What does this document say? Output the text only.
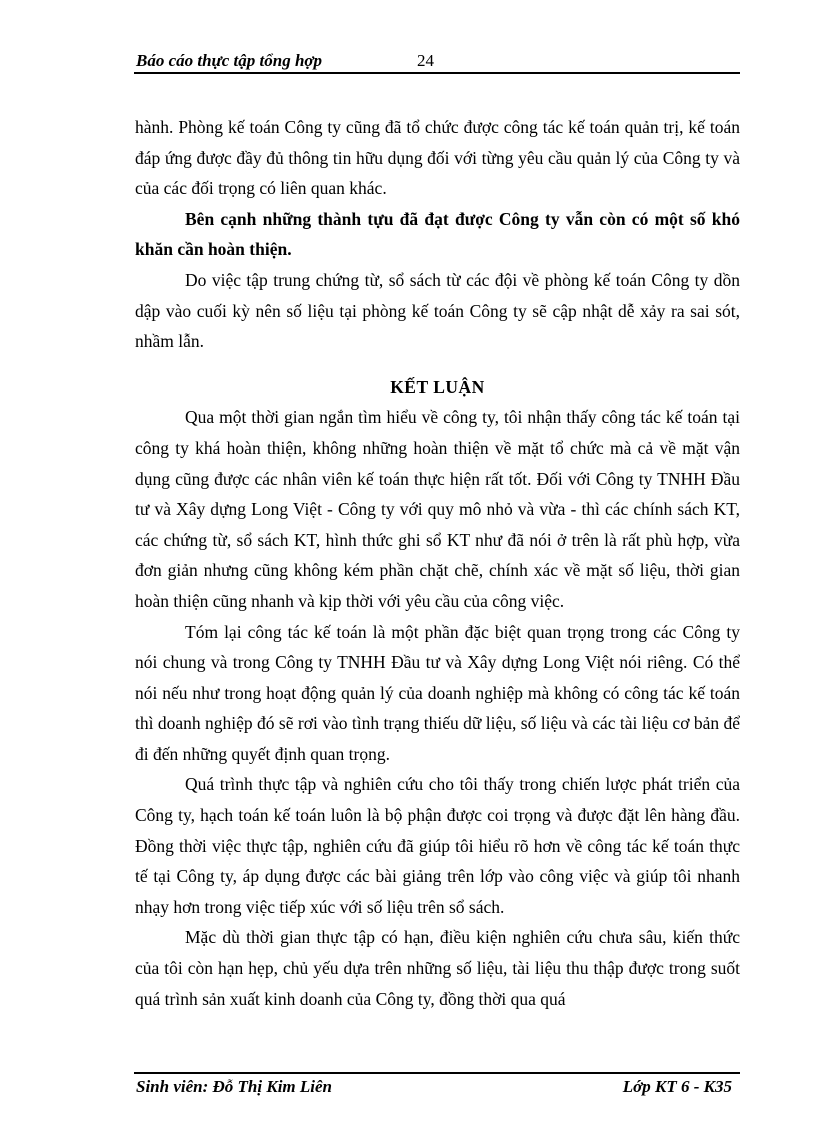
Báo cáo thực tập tổng hợp	24

hành. Phòng kế toán Công ty cũng đã tổ chức được công tác kế toán quản trị, kế toán đáp ứng được đầy đủ thông tin hữu dụng đối với từng yêu cầu quản lý của Công ty và của các đối trọng có liên quan khác.

Bên cạnh những thành tựu đã đạt được Công ty vẫn còn có một số khó khăn cần hoàn thiện.

Do việc tập trung chứng từ, sổ sách từ các đội về phòng kế toán Công ty dồn dập vào cuối kỳ nên số liệu tại phòng kế toán Công ty sẽ cập nhật dễ xảy ra sai sót, nhầm lẫn.

KẾT LUẬN

Qua một thời gian ngắn tìm hiểu về công ty, tôi nhận thấy công tác kế toán tại công ty khá hoàn thiện, không những hoàn thiện về mặt tổ chức mà cả về mặt vận dụng cũng được các nhân viên kế toán thực hiện rất tốt. Đối với Công ty TNHH Đầu tư và Xây dựng Long Việt - Công ty với quy mô nhỏ và vừa - thì các chính sách KT, các chứng từ, sổ sách KT, hình thức ghi sổ KT như đã nói ở trên là rất phù hợp, vừa đơn giản nhưng cũng không kém phần chặt chẽ, chính xác về mặt số liệu, thời gian hoàn thiện cũng nhanh và kịp thời với yêu cầu của công việc.

Tóm lại công tác kế toán là một phần đặc biệt quan trọng trong các Công ty nói chung và trong Công ty TNHH Đầu tư và Xây dựng Long Việt nói riêng. Có thể nói nếu như trong hoạt động quản lý của doanh nghiệp mà không có công tác kế toán thì doanh nghiệp đó sẽ rơi vào tình trạng thiếu dữ liệu, số liệu và các tài liệu cơ bản để đi đến những quyết định quan trọng.

Quá trình thực tập và nghiên cứu cho tôi thấy trong chiến lược phát triển của Công ty, hạch toán kế toán luôn là bộ phận được coi trọng và được đặt lên hàng đầu. Đồng thời việc thực tập, nghiên cứu đã giúp tôi hiểu rõ hơn về công tác kế toán thực tế tại Công ty, áp dụng được các bài giảng trên lớp vào công việc và giúp tôi nhanh nhạy hơn trong việc tiếp xúc với số liệu trên sổ sách.

Mặc dù thời gian thực tập có hạn, điều kiện nghiên cứu chưa sâu, kiến thức của tôi còn hạn hẹp, chủ yếu dựa trên những số liệu, tài liệu thu thập được trong suốt quá trình sản xuất kinh doanh của Công ty, đồng thời qua quá

Sinh viên: Đỗ Thị Kim Liên	Lớp KT 6 - K35
